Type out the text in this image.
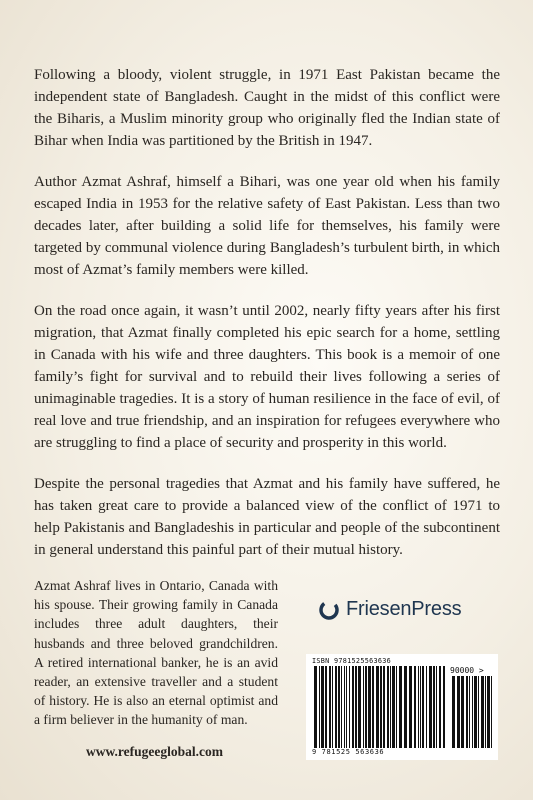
Following a bloody, violent struggle, in 1971 East Pakistan became the independent state of Bangladesh. Caught in the midst of this conflict were the Biharis, a Muslim minority group who originally fled the Indian state of Bihar when India was partitioned by the British in 1947.

Author Azmat Ashraf, himself a Bihari, was one year old when his family escaped India in 1953 for the relative safety of East Pakistan. Less than two decades later, after building a solid life for themselves, his family were targeted by communal violence during Bangladesh’s turbulent birth, in which most of Azmat’s family members were killed.

On the road once again, it wasn’t until 2002, nearly fifty years after his first migration, that Azmat finally completed his epic search for a home, settling in Canada with his wife and three daughters. This book is a memoir of one family’s fight for survival and to rebuild their lives following a series of unimaginable tragedies. It is a story of human resilience in the face of evil, of real love and true friendship, and an inspiration for refugees everywhere who are struggling to find a place of security and prosperity in this world.

Despite the personal tragedies that Azmat and his family have suffered, he has taken great care to provide a balanced view of the conflict of 1971 to help Pakistanis and Bangladeshis in particular and people of the subcontinent in general understand this painful part of their mutual history.

Azmat Ashraf lives in Ontario, Canada with his spouse. Their growing family in Canada includes three adult daughters, their husbands and three beloved grandchildren. A retired international banker, he is an avid reader, an extensive traveller and a student of history. He is also an eternal optimist and a firm believer in the humanity of man.

www.refugeeglobal.com
FriesenPress
ISBN 9781525563636
90000 >
9 781525 563636
